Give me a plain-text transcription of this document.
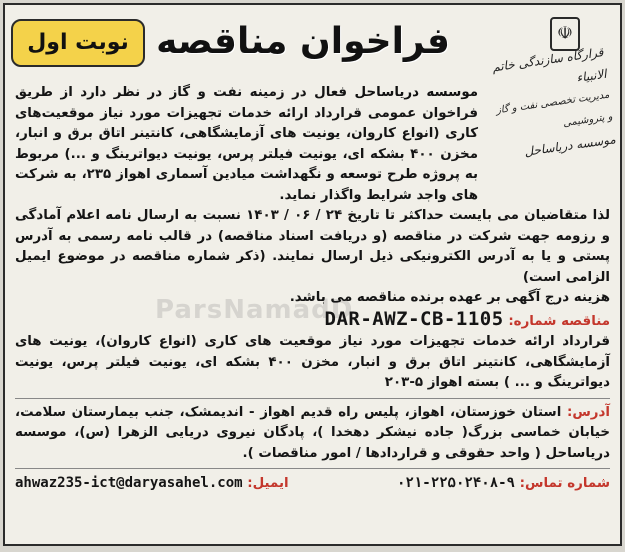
☫
قرارگاه سازندگی خاتم الانبیاء
مدیریت تخصصی نفت و گاز و پتروشیمی
موسسه دریاساحل
فراخوان مناقصه
نوبت اول
ParsNamadD

موسسه دریاساحل فعال در زمینه نفت و گاز در نظر دارد از طریق فراخوان عمومی قرارداد ارائه خدمات تجهیزات مورد نیاز موقعیت‌های کاری (انواع کاروان، یونیت های آزمایشگاهی، کانتینر اتاق برق و انبار، مخزن ۴۰۰ بشکه ای، یونیت فیلتر پرس، یونیت دیواترینگ و ...) مربوط به پروژه طرح توسعه و نگهداشت میادین آسماری اهواز ۲۳۵، به شرکت های واجد شرایط واگذار نماید.

لذا متقاضیان می بایست حداکثر تا تاریخ ۲۴ / ۰۶ / ۱۴۰۳ نسبت به ارسال نامه اعلام آمادگی و رزومه جهت شرکت در مناقصه (و دریافت اسناد مناقصه) در قالب نامه رسمی به آدرس پستی و یا به آدرس الکترونیکی ذیل ارسال نمایند. (ذکر شماره مناقصه در موضوع ایمیل الزامی است)

هزینه درج آگهی بر عهده برنده مناقصه می باشد.

مناقصه شماره: DAR-AWZ-CB-1105

قرارداد ارائه خدمات تجهیزات مورد نیاز موقعیت های کاری (انواع کاروان)، یونیت های آزمایشگاهی، کانتینر اتاق برق و انبار، مخزن ۴۰۰ بشکه ای، یونیت فیلتر پرس، یونیت دیواترینگ و ... ) بسته اهواز ۵-۲۰۳

آدرس: استان خوزستان، اهواز، پلیس راه قدیم اهواز - اندیمشک، جنب بیمارستان سلامت، خیابان خماسی بزرگ( جاده نیشکر دهخدا )، پادگان نیروی دریایی الزهرا (س)، موسسه دریاساحل ( واحد حقوقی و قراردادها / امور مناقصات ).

شماره تماس: ۰۲۱-۲۲۵۰۲۴۰۸-۹
ایمیل: ahwaz235-ict@daryasahel.com
